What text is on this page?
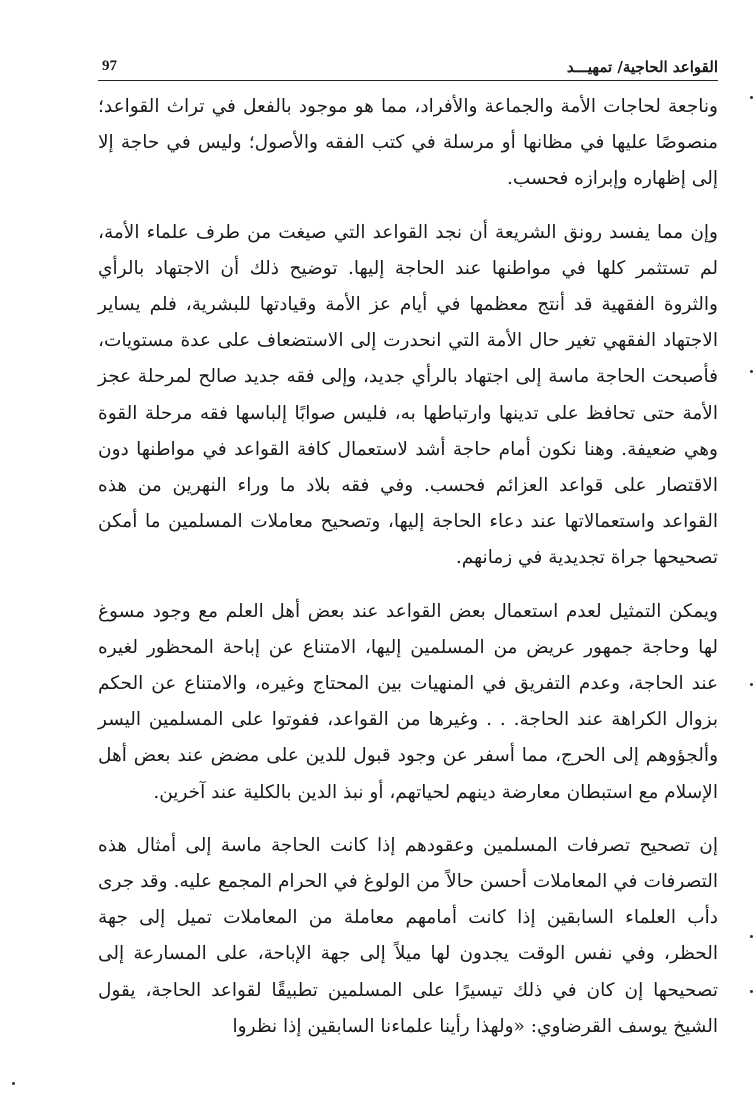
القواعد الحاجية/ تمهيـــد
97

وناجعة لحاجات الأمة والجماعة والأفراد، مما هو موجود بالفعل في تراث القواعد؛ منصوصًا عليها في مظانها أو مرسلة في كتب الفقه والأصول؛ وليس في حاجة إلا إلى إظهاره وإبرازه فحسب.

وإن مما يفسد رونق الشريعة أن نجد القواعد التي صيغت من طرف علماء الأمة، لم تستثمر كلها في مواطنها عند الحاجة إليها. توضيح ذلك أن الاجتهاد بالرأي والثروة الفقهية قد أنتج معظمها في أيام عز الأمة وقيادتها للبشرية، فلم يساير الاجتهاد الفقهي تغير حال الأمة التي انحدرت إلى الاستضعاف على عدة مستويات، فأصبحت الحاجة ماسة إلى اجتهاد بالرأي جديد، وإلى فقه جديد صالح لمرحلة عجز الأمة حتى تحافظ على تدينها وارتباطها به، فليس صوابًا إلباسها فقه مرحلة القوة وهي ضعيفة. وهنا نكون أمام حاجة أشد لاستعمال كافة القواعد في مواطنها دون الاقتصار على قواعد العزائم فحسب. وفي فقه بلاد ما وراء النهرين من هذه القواعد واستعمالاتها عند دعاء الحاجة إليها، وتصحيح معاملات المسلمين ما أمكن تصحيحها جراة تجديدية في زمانهم.

ويمكن التمثيل لعدم استعمال بعض القواعد عند بعض أهل العلم مع وجود مسوغ لها وحاجة جمهور عريض من المسلمين إليها، الامتناع عن إباحة المحظور لغيره عند الحاجة، وعدم التفريق في المنهيات بين المحتاج وغيره، والامتناع عن الحكم بزوال الكراهة عند الحاجة. . . وغيرها من القواعد، ففوتوا على المسلمين اليسر وألجؤوهم إلى الحرج، مما أسفر عن وجود قبول للدين على مضض عند بعض أهل الإسلام مع استبطان معارضة دينهم لحياتهم، أو نبذ الدين بالكلية عند آخرين.

إن تصحيح تصرفات المسلمين وعقودهم إذا كانت الحاجة ماسة إلى أمثال هذه التصرفات في المعاملات أحسن حالاً من الولوغ في الحرام المجمع عليه. وقد جرى دأب العلماء السابقين إذا كانت أمامهم معاملة من المعاملات تميل إلى جهة الحظر، وفي نفس الوقت يجدون لها ميلاً إلى جهة الإباحة، على المسارعة إلى تصحيحها إن كان في ذلك تيسيرًا على المسلمين تطبيقًا لقواعد الحاجة، يقول الشيخ يوسف القرضاوي: «ولهذا رأينا علماءنا السابقين إذا نظروا
